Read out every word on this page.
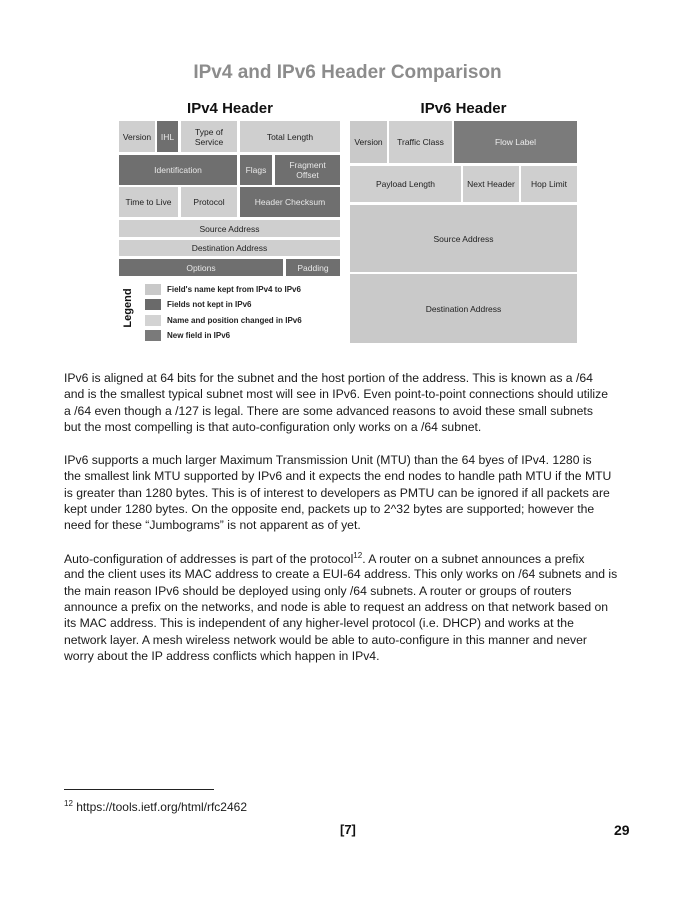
IPv4 and IPv6 Header Comparison
IPv4 Header
Version	IHL	Type of Service	Total Length
Identification	Flags	Fragment Offset
Time to Live	Protocol	Header Checksum
Source Address
Destination Address
Options	Padding
Legend	Field's name kept from IPv4 to IPv6
Fields not kept in IPv6
Name and position changed in IPv6
New field in IPv6
IPv6 Header
Version	Traffic Class	Flow Label
Payload Length	Next Header	Hop Limit
Source Address
Destination Address
IPv6 is aligned at 64 bits for the subnet and the host portion of the address. This is known as a /64
and is the smallest typical subnet most will see in IPv6. Even point-to-point connections should utilize
a /64 even though a /127 is legal. There are some advanced reasons to avoid these small subnets
but the most compelling is that auto-configuration only works on a /64 subnet.
IPv6 supports a much larger Maximum Transmission Unit (MTU) than the 64 byes of IPv4. 1280 is
the smallest link MTU supported by IPv6 and it expects the end nodes to handle path MTU if the MTU
is greater than 1280 bytes. This is of interest to developers as PMTU can be ignored if all packets are
kept under 1280 bytes. On the opposite end, packets up to 2^32 bytes are supported; however the
need for these “Jumbograms” is not apparent as of yet.
Auto-configuration of addresses is part of the protocol$^{12}$. A router on a subnet announces a prefix
and the client uses its MAC address to create a EUI-64 address. This only works on /64 subnets and is
the main reason IPv6 should be deployed using only /64 subnets. A router or groups of routers
announce a prefix on the networks, and node is able to request an address on that network based on
its MAC address. This is independent of any higher-level protocol (i.e. DHCP) and works at the
network layer. A mesh wireless network would be able to auto-configure in this manner and never
worry about the IP address conflicts which happen in IPv4.
$^{12}$ https://tools.ietf.org/html/rfc2462
[7]	29
